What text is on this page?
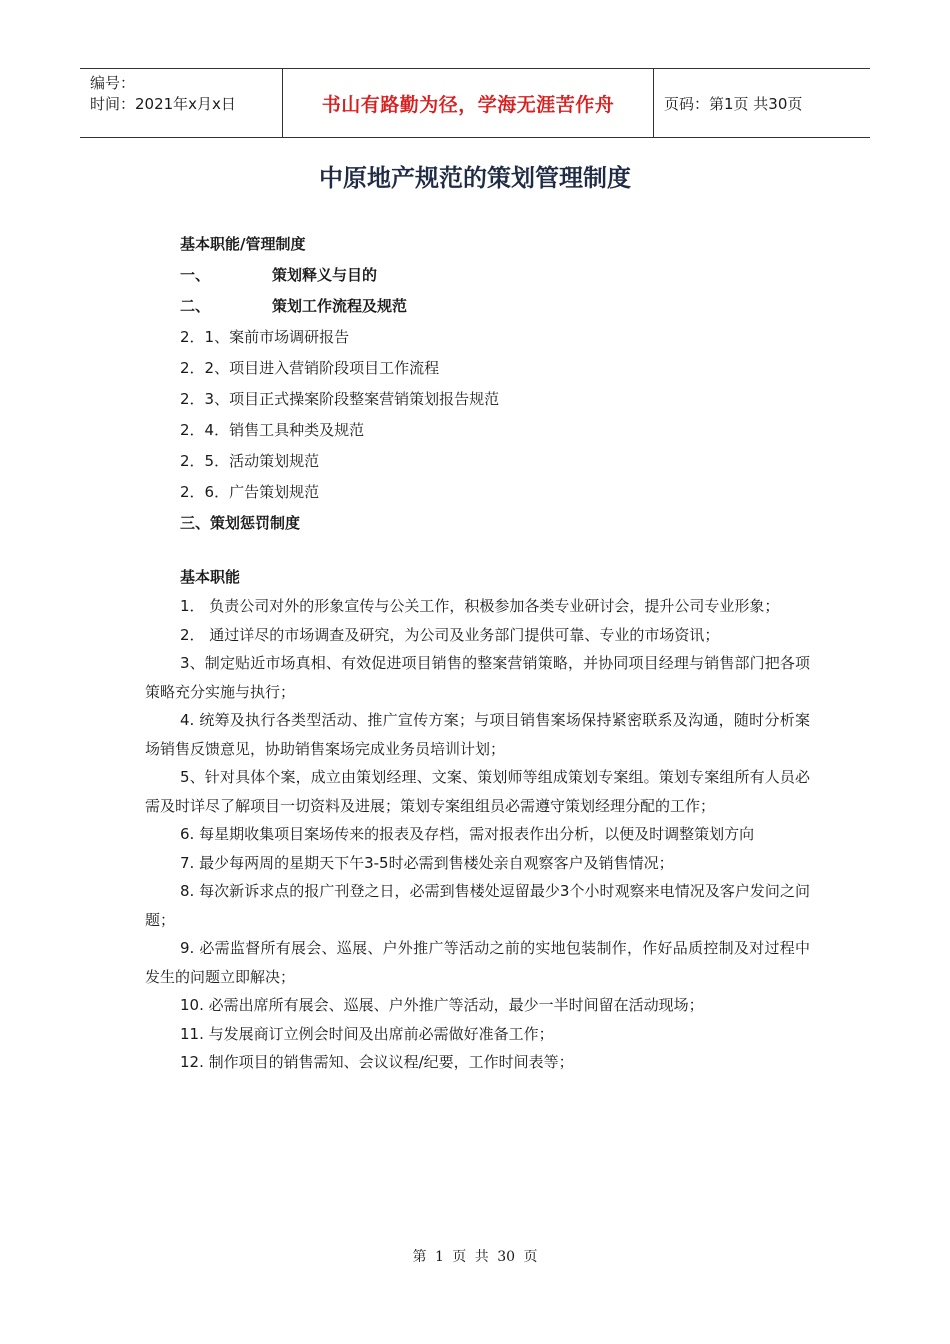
编号：
时间：2021年x月x日	书山有路勤为径，学海无涯苦作舟	页码：第1页 共30页
中原地产规范的策划管理制度
基本职能/管理制度
一、	策划释义与目的
二、	策划工作流程及规范
2．1、案前市场调研报告
2．2、项目进入营销阶段项目工作流程
2．3、项目正式操案阶段整案营销策划报告规范
2．4．销售工具种类及规范
2．5．活动策划规范
2．6．广告策划规范
三、策划惩罚制度
基本职能

1． 负责公司对外的形象宣传与公关工作，积极参加各类专业研讨会，提升公司专业形象；

2． 通过详尽的市场调查及研究，为公司及业务部门提供可靠、专业的市场资讯；

3、制定贴近市场真相、有效促进项目销售的整案营销策略，并协同项目经理与销售部门把各项策略充分实施与执行；

4. 统筹及执行各类型活动、推广宣传方案；与项目销售案场保持紧密联系及沟通，随时分析案场销售反馈意见，协助销售案场完成业务员培训计划；

5、针对具体个案，成立由策划经理、文案、策划师等组成策划专案组。策划专案组所有人员必需及时详尽了解项目一切资料及进展；策划专案组组员必需遵守策划经理分配的工作；

6. 每星期收集项目案场传来的报表及存档，需对报表作出分析，以便及时调整策划方向

7. 最少每两周的星期天下午3-5时必需到售楼处亲自观察客户及销售情况；

8. 每次新诉求点的报广刊登之日，必需到售楼处逗留最少3个小时观察来电情况及客户发问之问题；

9. 必需监督所有展会、巡展、户外推广等活动之前的实地包装制作，作好品质控制及对过程中发生的问题立即解决；

10. 必需出席所有展会、巡展、户外推广等活动，最少一半时间留在活动现场；

11. 与发展商订立例会时间及出席前必需做好准备工作；

12. 制作项目的销售需知、会议议程/纪要，工作时间表等；

第 1 页 共 30 页
